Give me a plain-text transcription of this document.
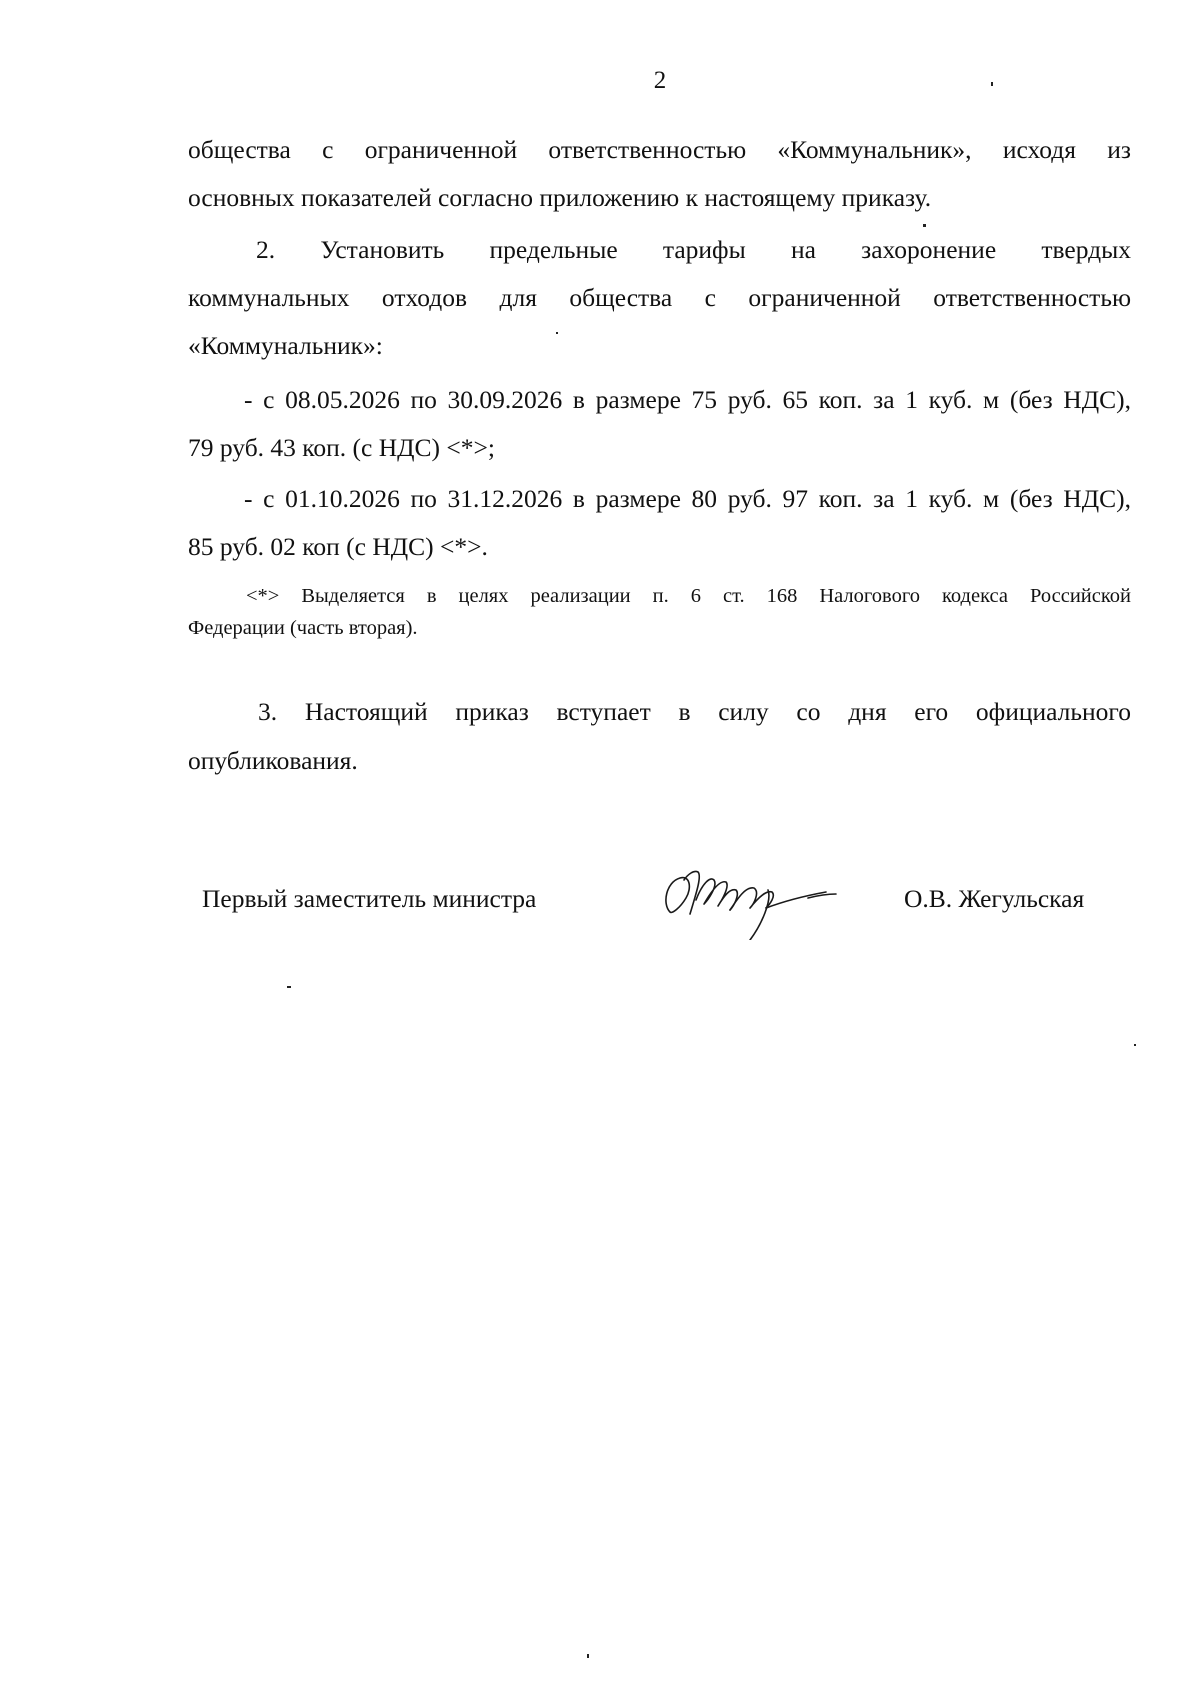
2
общества с ограниченной ответственностью «Коммунальник», исходя из
основных показателей согласно приложению к настоящему приказу.
2. Установить предельные тарифы на захоронение твердых
коммунальных отходов для общества с ограниченной ответственностью
«Коммунальник»:
- с 08.05.2026 по 30.09.2026 в размере 75 руб. 65 коп. за 1 куб. м (без НДС),
79 руб. 43 коп. (с НДС) <*>;
- с 01.10.2026 по 31.12.2026 в размере 80 руб. 97 коп. за 1 куб. м (без НДС),
85 руб. 02 коп (с НДС) <*>.
<*> Выделяется в целях реализации п. 6 ст. 168 Налогового кодекса Российской
Федерации (часть вторая).
3. Настоящий приказ вступает в силу со дня его официального
опубликования.
Первый заместитель министра	О.В. Жегульская
